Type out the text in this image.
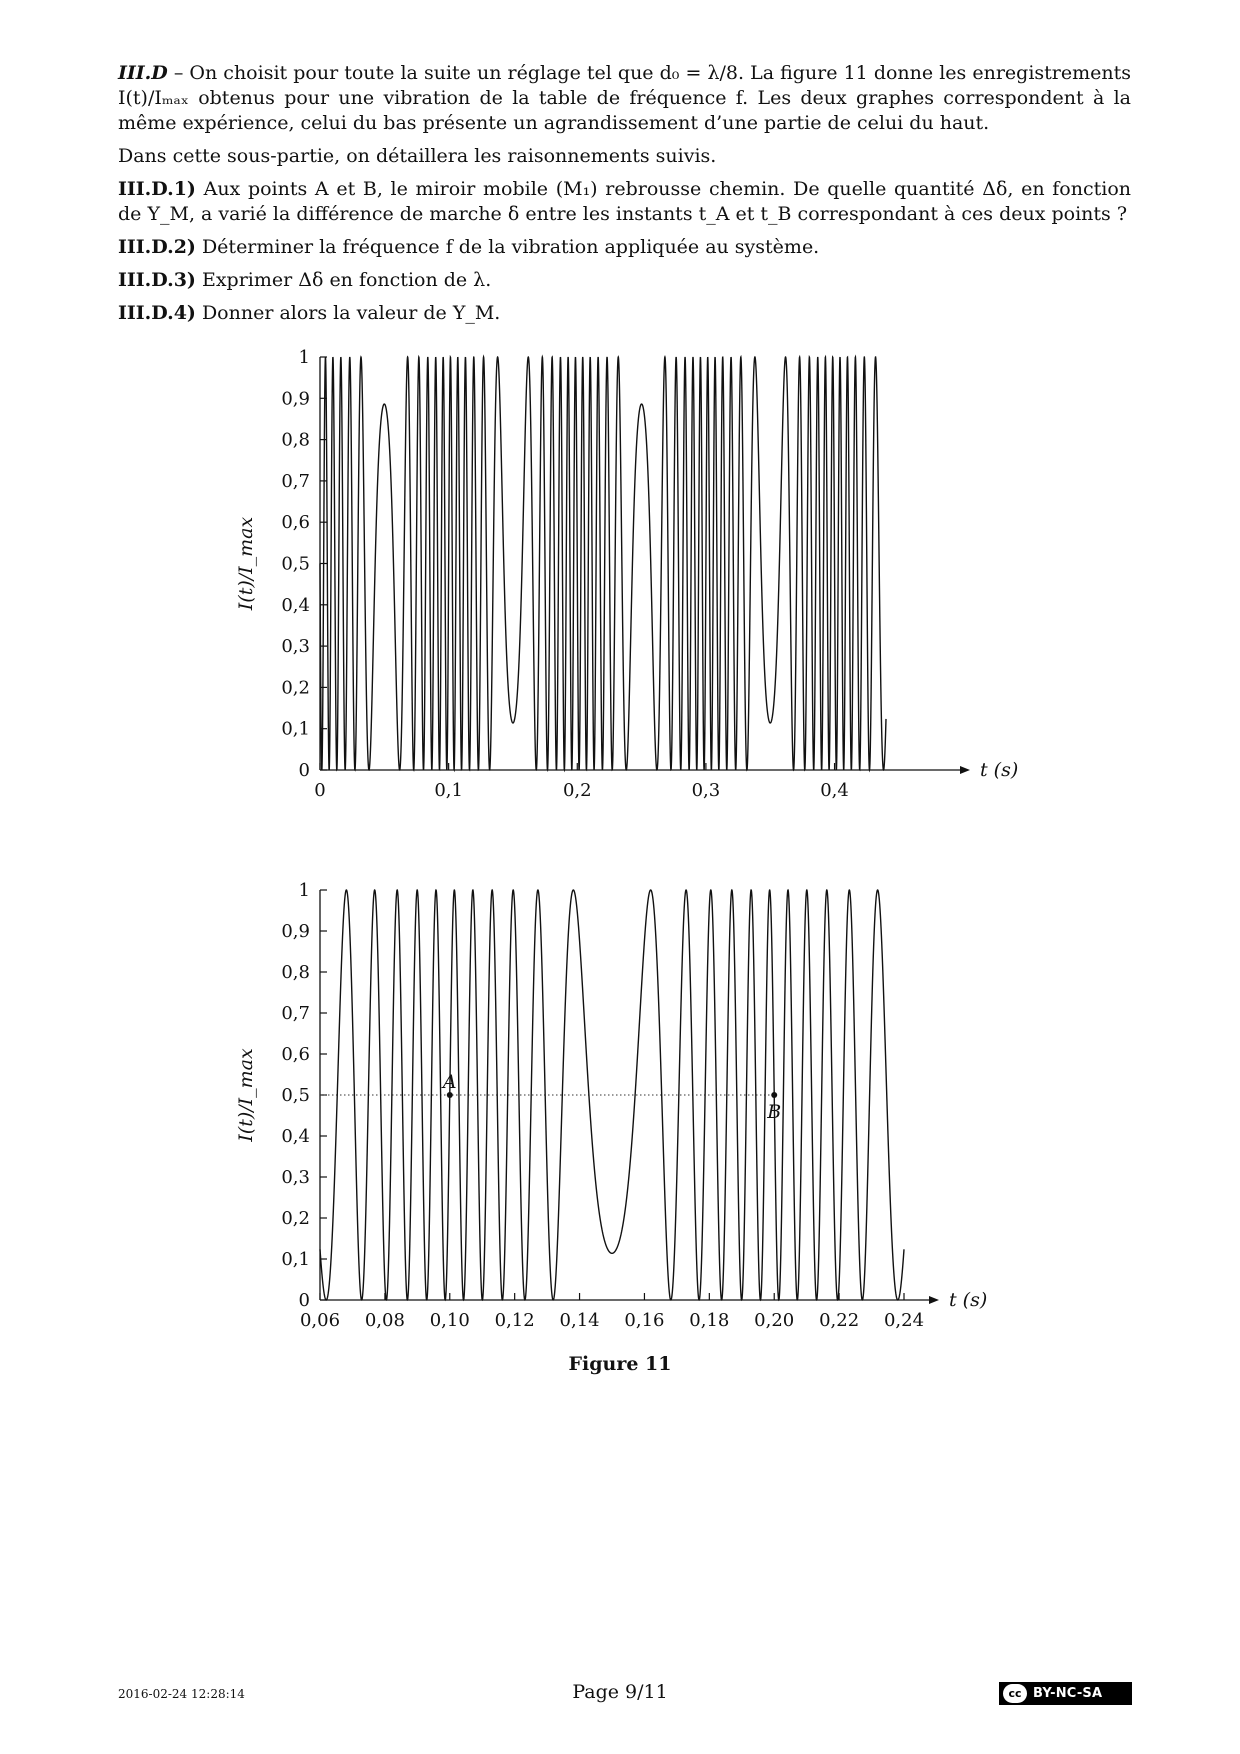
III.D – On choisit pour toute la suite un réglage tel que d₀ = λ/8. La figure 11 donne les enregistrements I(t)/Iₘₐₓ obtenus pour une vibration de la table de fréquence f. Les deux graphes correspondent à la même expérience, celui du bas présente un agrandissement d’une partie de celui du haut.

Dans cette sous-partie, on détaillera les raisonnements suivis.

III.D.1) Aux points A et B, le miroir mobile (M₁) rebrousse chemin. De quelle quantité Δδ, en fonction de Y_M, a varié la différence de marche δ entre les instants t_A et t_B correspondant à ces deux points ?

III.D.2) Déterminer la fréquence f de la vibration appliquée au système.

III.D.3) Exprimer Δδ en fonction de λ.

III.D.4) Donner alors la valeur de Y_M.

0
0,1
0,2
0,3
0,4
0,5
0,6
0,7
0,8
0,9
1
0	0,1	0,2	0,3	0,4
t (s)
I(t)/I_max
0
0,1
0,2
0,3
0,4
0,5
0,6
0,7
0,8
0,9
1
0,06 0,08 0,10 0,12 0,14 0,16 0,18 0,20 0,22 0,24
t (s)
I(t)/I_max	A
B
Figure 11
2016-02-24 12:28:14	Page 9/11	cc BY-NC-SA
